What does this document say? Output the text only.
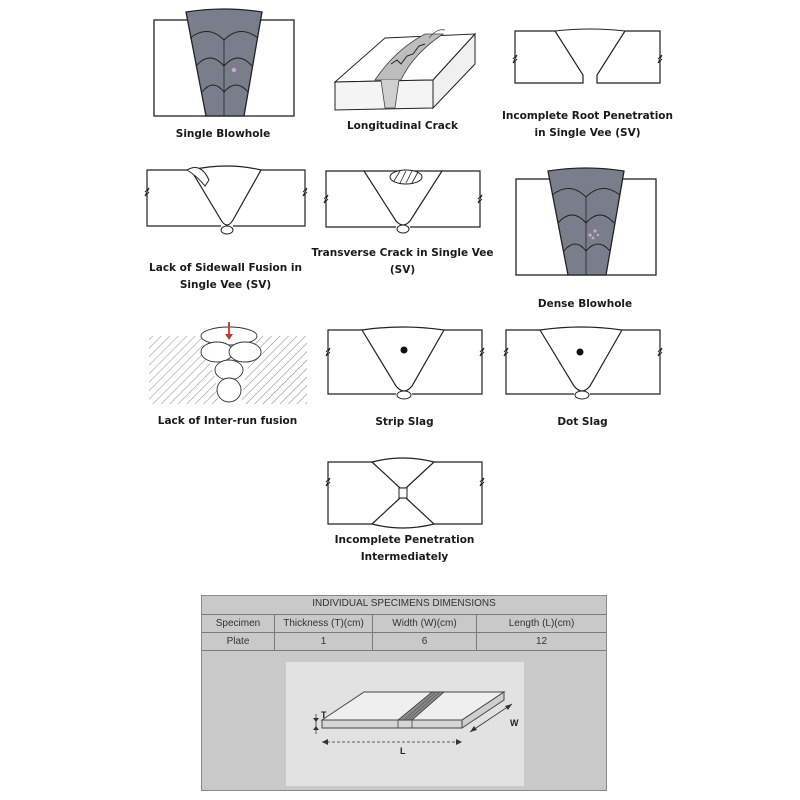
Single Blowhole
Longitudinal Crack
Incomplete Root Penetration
in Single Vee (SV)
Lack of Sidewall Fusion in
Single Vee (SV)
Transverse Crack in Single Vee
(SV)
Dense Blowhole
Lack of Inter-run fusion	Strip Slag	Dot Slag
Incomplete Penetration
Intermediately
INDIVIDUAL SPECIMENS DIMENSIONS
Specimen	Thickness (T)(cm)	Width (W)(cm)	Length (L)(cm)
Plate	1	6	12
T
L
W
